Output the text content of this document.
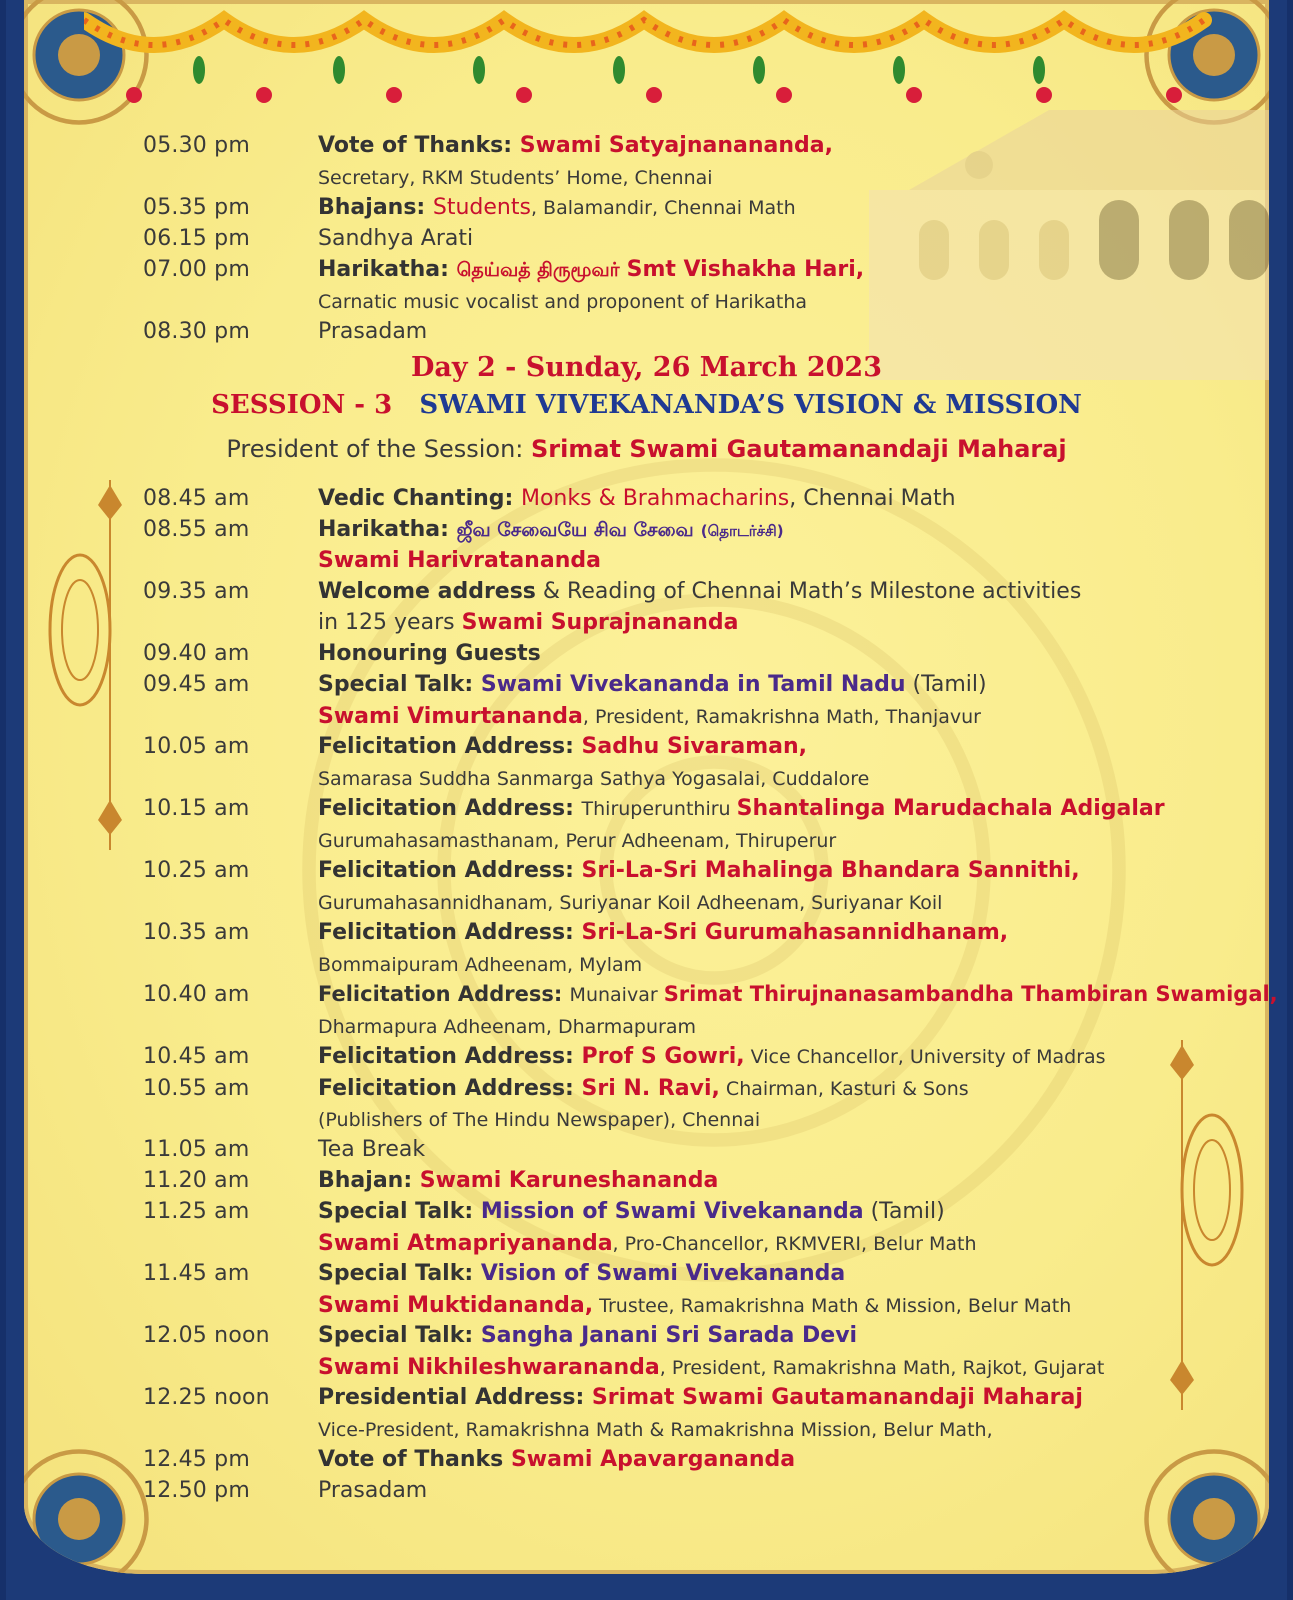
05.30 pm	Vote of Thanks: Swami Satyajnanananda,
Secretary, RKM Students’ Home, Chennai
05.35 pm	Bhajans: Students, Balamandir, Chennai Math
06.15 pm	Sandhya Arati
07.00 pm	Harikatha: தெய்வத் திருமூவர் Smt Vishakha Hari,
Carnatic music vocalist and proponent of Harikatha
08.30 pm	Prasadam
Day 2 - Sunday, 26 March 2023
SESSION - 3 SWAMI VIVEKANANDA’S VISION & MISSION
President of the Session: Srimat Swami Gautamanandaji Maharaj
08.45 am	Vedic Chanting: Monks & Brahmacharins, Chennai Math
08.55 am	Harikatha: ஜீவ சேவையே சிவ சேவை (தொடர்ச்சி)
Swami Harivratananda
09.35 am	Welcome address & Reading of Chennai Math’s Milestone activities
in 125 years Swami Suprajnananda
09.40 am	Honouring Guests
09.45 am	Special Talk: Swami Vivekananda in Tamil Nadu (Tamil)
Swami Vimurtananda, President, Ramakrishna Math, Thanjavur
10.05 am	Felicitation Address: Sadhu Sivaraman,
Samarasa Suddha Sanmarga Sathya Yogasalai, Cuddalore
10.15 am	Felicitation Address: Thiruperunthiru Shantalinga Marudachala Adigalar
Gurumahasamasthanam, Perur Adheenam, Thiruperur
10.25 am	Felicitation Address: Sri-La-Sri Mahalinga Bhandara Sannithi,
Gurumahasannidhanam, Suriyanar Koil Adheenam, Suriyanar Koil
10.35 am	Felicitation Address: Sri-La-Sri Gurumahasannidhanam,
Bommaipuram Adheenam, Mylam
10.40 am	Felicitation Address: Munaivar Srimat Thirujnanasambandha Thambiran Swamigal,
Dharmapura Adheenam, Dharmapuram
10.45 am	Felicitation Address: Prof S Gowri, Vice Chancellor, University of Madras
10.55 am	Felicitation Address: Sri N. Ravi, Chairman, Kasturi & Sons
(Publishers of The Hindu Newspaper), Chennai
11.05 am	Tea Break
11.20 am	Bhajan: Swami Karuneshananda
11.25 am	Special Talk: Mission of Swami Vivekananda (Tamil)
Swami Atmapriyananda, Pro-Chancellor, RKMVERI, Belur Math
11.45 am	Special Talk: Vision of Swami Vivekananda
Swami Muktidananda, Trustee, Ramakrishna Math & Mission, Belur Math
12.05 noon Special Talk: Sangha Janani Sri Sarada Devi
Swami Nikhileshwarananda, President, Ramakrishna Math, Rajkot, Gujarat
12.25 noon Presidential Address: Srimat Swami Gautamanandaji Maharaj
Vice-President, Ramakrishna Math & Ramakrishna Mission, Belur Math,
12.45 pm	Vote of Thanks Swami Apavargananda
12.50 pm	Prasadam
